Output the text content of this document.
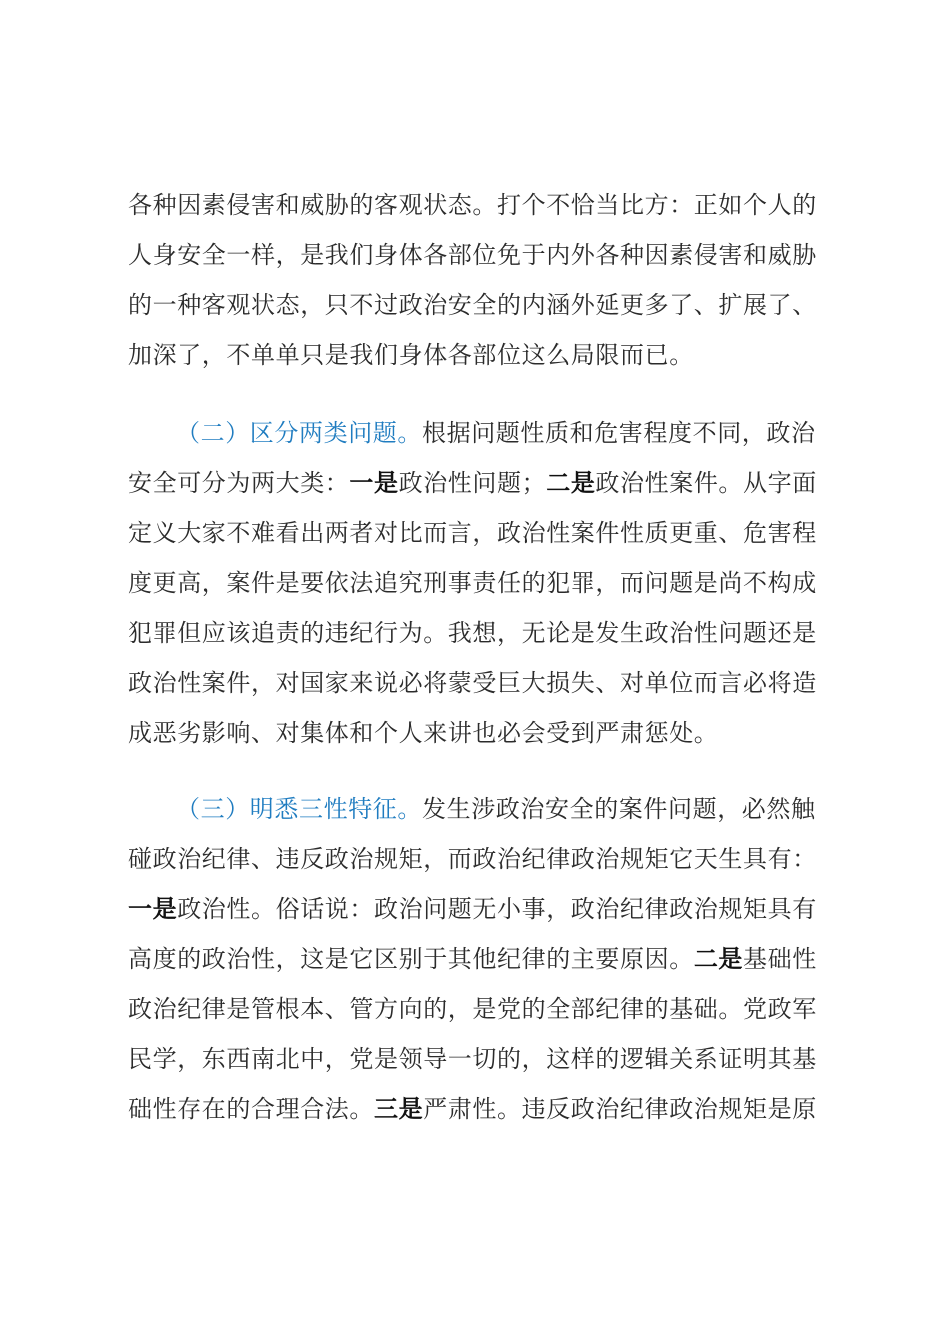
各种因素侵害和威胁的客观状态。打个不恰当比方：正如个人的
人身安全一样，是我们身体各部位免于内外各种因素侵害和威胁
的一种客观状态，只不过政治安全的内涵外延更多了、扩展了、
加深了，不单单只是我们身体各部位这么局限而已。
（二）区分两类问题。根据问题性质和危害程度不同，政治
安全可分为两大类：一是政治性问题；二是政治性案件。从字面
定义大家不难看出两者对比而言，政治性案件性质更重、危害程
度更高，案件是要依法追究刑事责任的犯罪，而问题是尚不构成
犯罪但应该追责的违纪行为。我想，无论是发生政治性问题还是
政治性案件，对国家来说必将蒙受巨大损失、对单位而言必将造
成恶劣影响、对集体和个人来讲也必会受到严肃惩处。
（三）明悉三性特征。发生涉政治安全的案件问题，必然触
碰政治纪律、违反政治规矩，而政治纪律政治规矩它天生具有：
一是政治性。俗话说：政治问题无小事，政治纪律政治规矩具有
高度的政治性，这是它区别于其他纪律的主要原因。二是基础性
政治纪律是管根本、管方向的，是党的全部纪律的基础。党政军
民学，东西南北中，党是领导一切的，这样的逻辑关系证明其基
础性存在的合理合法。三是严肃性。违反政治纪律政治规矩是原
